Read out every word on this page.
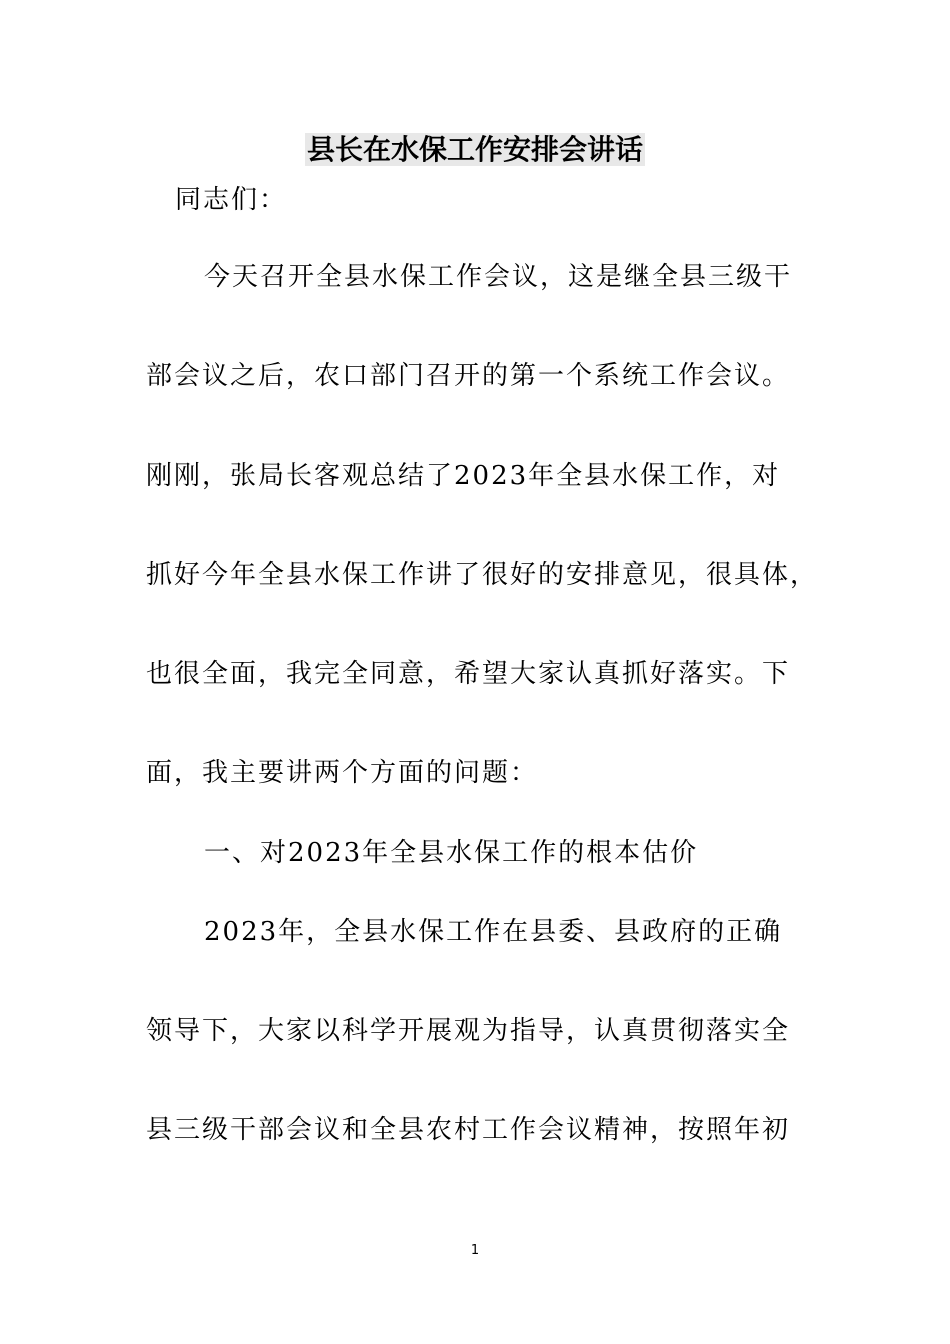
县长在水保工作安排会讲话
同志们：
今天召开全县水保工作会议，这是继全县三级干
部会议之后，农口部门召开的第一个系统工作会议。
刚刚，张局长客观总结了2023年全县水保工作，对
抓好今年全县水保工作讲了很好的安排意见，很具体，
也很全面，我完全同意，希望大家认真抓好落实。下
面，我主要讲两个方面的问题：
一、对2023年全县水保工作的根本估价
2023年，全县水保工作在县委、县政府的正确
领导下，大家以科学开展观为指导，认真贯彻落实全
县三级干部会议和全县农村工作会议精神，按照年初
1
